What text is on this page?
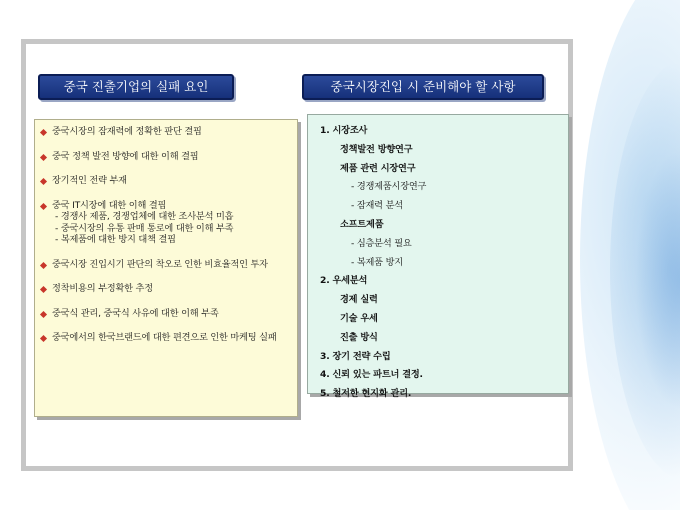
중국 진출기업의 실패 요인	중국시장진입 시 준비해야 할 사항
중국시장의 잠재력에 정확한 판단 결핍
중국 정책 발전 방향에 대한 이해 결핍
장기적인 전략 부재
중국 IT시장에 대한 이해 결핍
- 경쟁사 제품, 경쟁업체에 대한 조사분석 미흡
- 중국시장의 유통 판매 통로에 대한 이해 부족
- 복제품에 대한 방지 대책 결핍
중국시장 진입시기 판단의 착오로 인한 비효율적인 투자
정착비용의 부정확한 추정
중국식 관리, 중국식 사유에 대한 이해 부족
중국에서의 한국브랜드에 대한 편견으로 인한 마케팅 실패
1. 시장조사
정책발전 방향연구
제품 관련 시장연구
- 경쟁제품시장연구
- 잠재력 분석
소프트제품
- 심층분석 필요
- 복제품 방지
2. 우세분석
경제 실력
기술 우세
진출 방식
3. 장기 전략 수립
4. 신뢰 있는 파트너 결정.
5. 철저한 현지화 관리.
